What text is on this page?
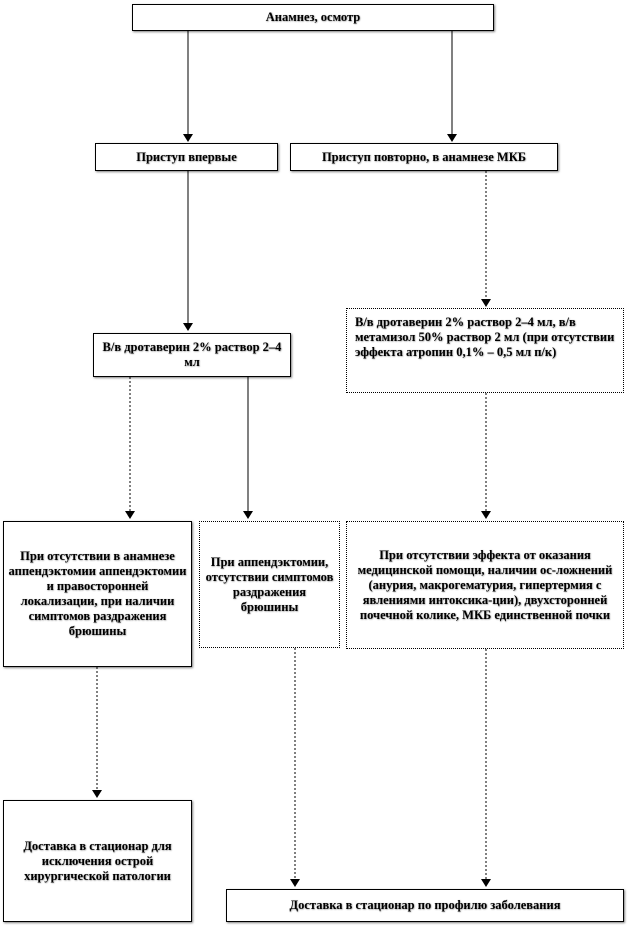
Анамнез, осмотр
Приступ впервые	Приступ повторно, в анамнезе МКБ
В/в дротаверин 2% раствор 2–4 мл
В/в дротаверин 2% раствор 2–4 мл, в/в метамизол 50% раствор 2 мл (при отсутствии эффекта атропин 0,1% – 0,5 мл п/к)
При отсутствии в анамнезе аппендэктомии аппендэктомии и правосторонней локализации, при наличии симптомов раздражения брюшины
При аппендэктомии, отсутствии симптомов раздражения брюшины
При отсутствии эффекта от оказания медицинской помощи, наличии ос-ложнений (анурия, макрогематурия, гипертермия с явлениями интоксика-ции), двухсторонней почечной колике, МКБ единственной почки
Доставка в стационар для исключения острой хирургической патологии
Доставка в стационар по профилю заболевания
